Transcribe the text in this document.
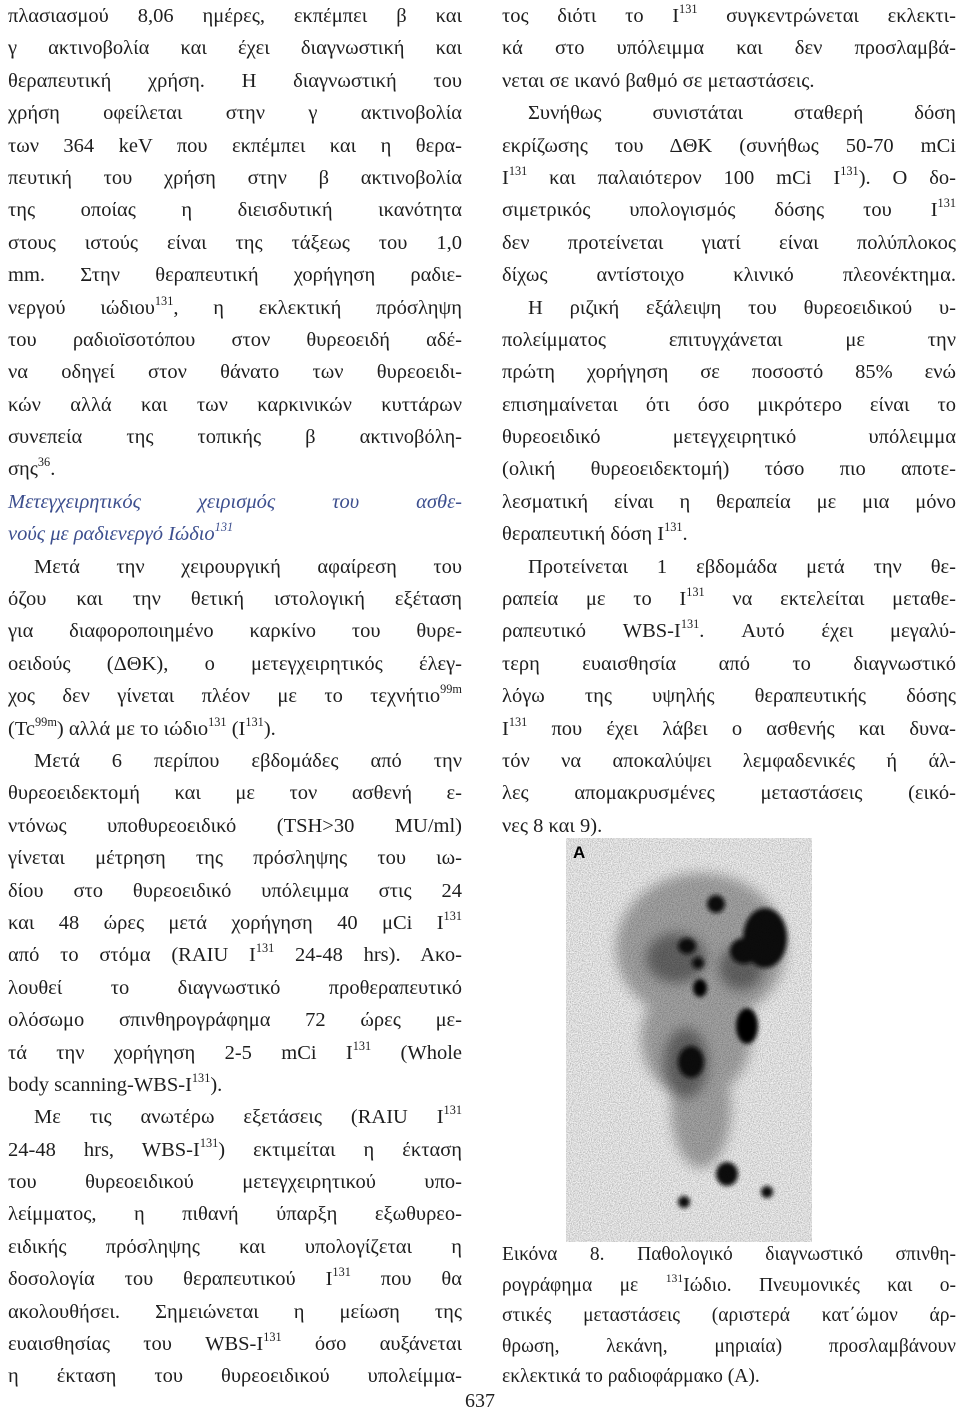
πλασιασμού 8,06 ημέρες, εκπέμπει β και
γ ακτινοβολία και έχει διαγνωστική και
θεραπευτική χρήση. Η διαγνωστική του
χρήση οφείλεται στην γ ακτινοβολία
των 364 keV που εκπέμπει και η θερα-
πευτική του χρήση στην β ακτινοβολία
της οποίας η διεισδυτική ικανότητα
στους ιστούς είναι της τάξεως του 1,0
mm. Στην θεραπευτική χορήγηση ραδιε-
νεργού ιώδιου$^{131}$, η εκλεκτική πρόσληψη
του ραδιοϊσοτόπου στον θυρεοειδή αδέ-
να οδηγεί στον θάνατο των θυρεοειδι-
κών αλλά και των καρκινικών κυττάρων
συνεπεία της τοπικής β ακτινοβόλη-
σης$^{36}$.
Μετεγχειρητικός χειρισμός του ασθε-
νούς με ραδιενεργό Ιώδιο$^{131}$
Μετά την χειρουργική αφαίρεση του
όζου και την θετική ιστολογική εξέταση
για διαφοροποιημένο καρκίνο του θυρε-
οειδούς (ΔΘΚ), ο μετεγχειρητικός έλεγ-
χος δεν γίνεται πλέον με το τεχνήτιο$^{99m}$
$(Tc^{99m})$ αλλά με το ιώδιο$^{131}$ $(I^{131})$.
Μετά 6 περίπου εβδομάδες από την
θυρεοειδεκτομή και με τον ασθενή ε-
ντόνως υποθυρεοειδικό (TSH>30 MU/ml)
γίνεται μέτρηση της πρόσληψης του ιω-
δίου στο θυρεοειδικό υπόλειμμα στις 24
και 48 ώρες μετά χορήγηση 40 μCi $I^{131}$
από το στόμα (RAIU $I^{131}$ 24-48 hrs). Ακο-
λουθεί το διαγνωστικό προθεραπευτικό
ολόσωμο σπινθηρογράφημα 72 ώρες με-
τά την χορήγηση 2-5 mCi $I^{131}$ (Whole
body scanning-$WBS-I^{131}$).
Με τις ανωτέρω εξετάσεις (RAIU $I^{131}$
24-48 hrs, WBS-$I^{131}$) εκτιμείται η έκταση
του θυρεοειδικού μετεγχειρητικού υπο-
λείμματος, η πιθανή ύπαρξη εξωθυρεο-
ειδικής πρόσληψης και υπολογίζεται η
δοσολογία του θεραπευτικού $I^{131}$ που θα
ακολουθήσει. Σημειώνεται η μείωση της
ευαισθησίας του WBS-$I^{131}$ όσο αυξάνεται
η έκταση του θυρεοειδικού υπολείμμα-
τος διότι το $I^{131}$ συγκεντρώνεται εκλεκτι-
κά στο υπόλειμμα και δεν προσλαμβά-
νεται σε ικανό βαθμό σε μεταστάσεις.
Συνήθως συνιστάται σταθερή δόση
εκρίζωσης του ΔΘΚ (συνήθως 50-70 mCi
$I^{131}$ και παλαιότερον 100 mCi $I^{131}$). Ο δο-
σιμετρικός υπολογισμός δόσης του $I^{131}$
δεν προτείνεται γιατί είναι πολύπλοκος
δίχως αντίστοιχο κλινικό πλεονέκτημα.
Η ριζική εξάλειψη του θυρεοειδικού υ-
πολείμματος επιτυγχάνεται με την
πρώτη χορήγηση σε ποσοστό 85% ενώ
επισημαίνεται ότι όσο μικρότερο είναι το
θυρεοειδικό μετεγχειρητικό υπόλειμμα
(ολική θυρεοειδεκτομή) τόσο πιο αποτε-
λεσματική είναι η θεραπεία με μια μόνο
θεραπευτική δόση $I^{131}$.
Προτείνεται 1 εβδομάδα μετά την θε-
ραπεία με το $I^{131}$ να εκτελείται μεταθε-
ραπευτικό WBS-$I^{131}$. Αυτό έχει μεγαλύ-
τερη ευαισθησία από το διαγνωστικό
λόγω της υψηλής θεραπευτικής δόσης
$I^{131}$ που έχει λάβει ο ασθενής και δυνα-
τόν να αποκαλύψει λεμφαδενικές ή άλ-
λες απομακρυσμένες μεταστάσεις (εικό-
νες 8 και 9).
A
Εικόνα 8. Παθολογικό διαγνωστικό σπινθη-
ρογράφημα με $^{131}$Ιώδιο. Πνευμονικές και ο-
στικές μεταστάσεις (αριστερά κατ΄ώμον άρ-
θρωση, λεκάνη, μηριαία) προσλαμβάνουν
εκλεκτικά το ραδιοφάρμακο (Α).
637
